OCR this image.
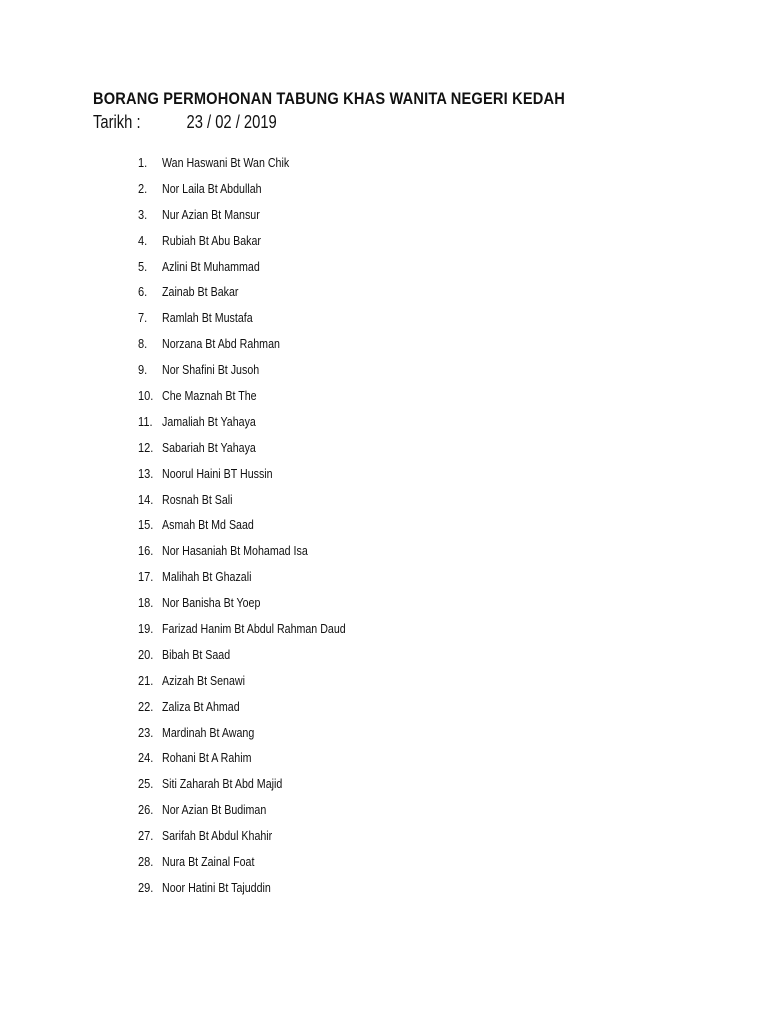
BORANG PERMOHONAN TABUNG KHAS WANITA NEGERI KEDAH
Tarikh :	23 / 02 / 2019
1. Wan Haswani Bt Wan Chik
2. Nor Laila Bt Abdullah
3. Nur Azian Bt Mansur
4. Rubiah Bt Abu Bakar
5. Azlini Bt Muhammad
6. Zainab Bt Bakar
7. Ramlah Bt Mustafa
8. Norzana Bt Abd Rahman
9. Nor Shafini Bt Jusoh
10. Che Maznah Bt The
11. Jamaliah Bt Yahaya
12. Sabariah Bt Yahaya
13. Noorul Haini BT Hussin
14. Rosnah Bt Sali
15. Asmah Bt Md Saad
16. Nor Hasaniah Bt Mohamad Isa
17. Malihah Bt Ghazali
18. Nor Banisha Bt Yoep
19. Farizad Hanim Bt Abdul Rahman Daud
20. Bibah Bt Saad
21. Azizah Bt Senawi
22. Zaliza Bt Ahmad
23. Mardinah Bt Awang
24. Rohani Bt A Rahim
25. Siti Zaharah Bt Abd Majid
26. Nor Azian Bt Budiman
27. Sarifah Bt Abdul Khahir
28. Nura Bt Zainal Foat
29. Noor Hatini Bt Tajuddin
